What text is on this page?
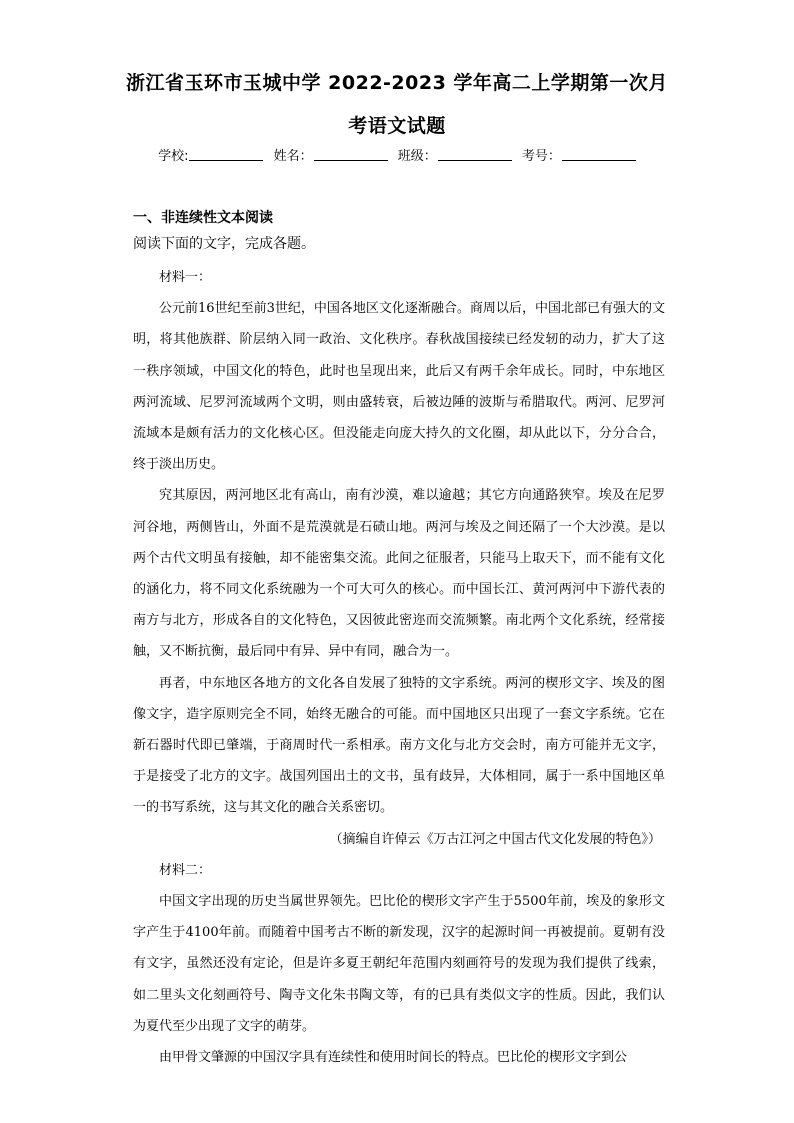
浙江省玉环市玉城中学 2022-2023 学年高二上学期第一次月
考语文试题
学校:	姓名：	班级：	考号：
一、非连续性文本阅读
阅读下面的文字，完成各题。

材料一：

公元前16世纪至前3世纪，中国各地区文化逐渐融合。商周以后，中国北部已有强大的文明，将其他族群、阶层纳入同一政治、文化秩序。春秋战国接续已经发轫的动力，扩大了这一秩序领域，中国文化的特色，此时也呈现出来，此后又有两千余年成长。同时，中东地区两河流域、尼罗河流域两个文明，则由盛转衰，后被边陲的波斯与希腊取代。两河、尼罗河流域本是颇有活力的文化核心区。但没能走向庞大持久的文化圈，却从此以下，分分合合，终于淡出历史。

究其原因，两河地区北有高山，南有沙漠，难以逾越；其它方向通路狭窄。埃及在尼罗河谷地，两侧皆山，外面不是荒漠就是石碛山地。两河与埃及之间还隔了一个大沙漠。是以两个古代文明虽有接触，却不能密集交流。此间之征服者，只能马上取天下，而不能有文化的涵化力，将不同文化系统融为一个可大可久的核心。而中国长江、黄河两河中下游代表的南方与北方，形成各自的文化特色，又因彼此密迩而交流频繁。南北两个文化系统，经常接触，又不断抗衡，最后同中有异、异中有同，融合为一。

再者，中东地区各地方的文化各自发展了独特的文字系统。两河的楔形文字、埃及的图像文字，造字原则完全不同，始终无融合的可能。而中国地区只出现了一套文字系统。它在新石器时代即已肇端，于商周时代一系相承。南方文化与北方交会时，南方可能并无文字，于是接受了北方的文字。战国列国出土的文书，虽有歧异，大体相同，属于一系中国地区单一的书写系统，这与其文化的融合关系密切。

（摘编自许倬云《万古江河之中国古代文化发展的特色》）

材料二：

中国文字出现的历史当属世界领先。巴比伦的楔形文字产生于5500年前，埃及的象形文字产生于4100年前。而随着中国考古不断的新发现，汉字的起源时间一再被提前。夏朝有没有文字，虽然还没有定论，但是许多夏王朝纪年范围内刻画符号的发现为我们提供了线索，如二里头文化刻画符号、陶寺文化朱书陶文等，有的已具有类似文字的性质。因此，我们认为夏代至少出现了文字的萌芽。

由甲骨文肇源的中国汉字具有连续性和使用时间长的特点。巴比伦的楔形文字到公
